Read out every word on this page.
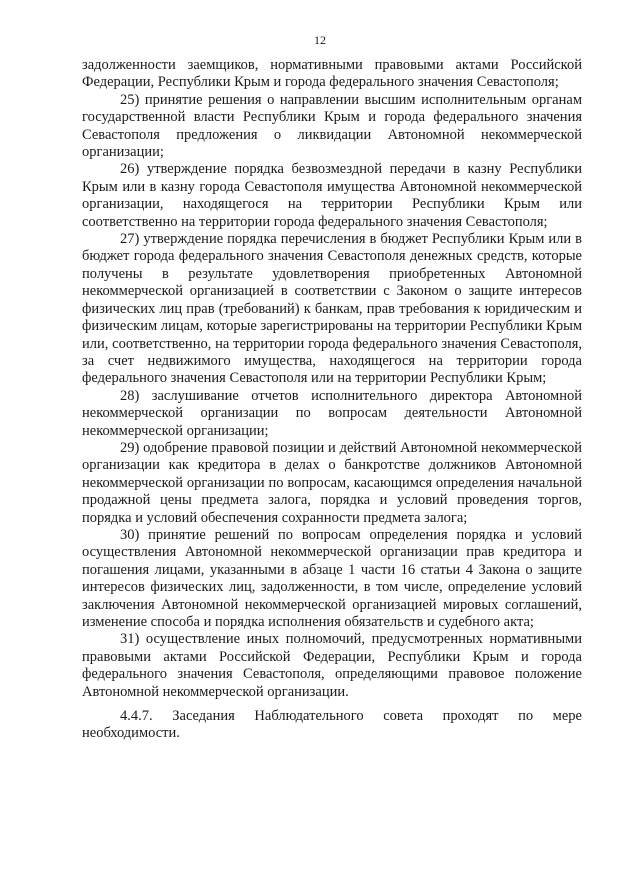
12

задолженности заемщиков, нормативными правовыми актами Российской Федерации, Республики Крым и города федерального значения Севастополя;

25) принятие решения о направлении высшим исполнительным органам государственной власти Республики Крым и города федерального значения Севастополя предложения о ликвидации Автономной некоммерческой организации;

26) утверждение порядка безвозмездной передачи в казну Республики Крым или в казну города Севастополя имущества Автономной некоммерческой организации, находящегося на территории Республики Крым или соответственно на территории города федерального значения Севастополя;

27) утверждение порядка перечисления в бюджет Республики Крым или в бюджет города федерального значения Севастополя денежных средств, которые получены в результате удовлетворения приобретенных Автономной некоммерческой организацией в соответствии с Законом о защите интересов физических лиц прав (требований) к банкам, прав требования к юридическим и физическим лицам, которые зарегистрированы на территории Республики Крым или, соответственно, на территории города федерального значения Севастополя, за счет недвижимого имущества, находящегося на территории города федерального значения Севастополя или на территории Республики Крым;

28) заслушивание отчетов исполнительного директора Автономной некоммерческой организации по вопросам деятельности Автономной некоммерческой организации;

29) одобрение правовой позиции и действий Автономной некоммерческой организации как кредитора в делах о банкротстве должников Автономной некоммерческой организации по вопросам, касающимся определения начальной продажной цены предмета залога, порядка и условий проведения торгов, порядка и условий обеспечения сохранности предмета залога;

30) принятие решений по вопросам определения порядка и условий осуществления Автономной некоммерческой организации прав кредитора и погашения лицами, указанными в абзаце 1 части 16 статьи 4 Закона о защите интересов физических лиц, задолженности, в том числе, определение условий заключения Автономной некоммерческой организацией мировых соглашений, изменение способа и порядка исполнения обязательств и судебного акта;

31) осуществление иных полномочий, предусмотренных нормативными правовыми актами Российской Федерации, Республики Крым и города федерального значения Севастополя, определяющими правовое положение Автономной некоммерческой организации.

4.4.7. Заседания Наблюдательного совета проходят по мере необходимости.
